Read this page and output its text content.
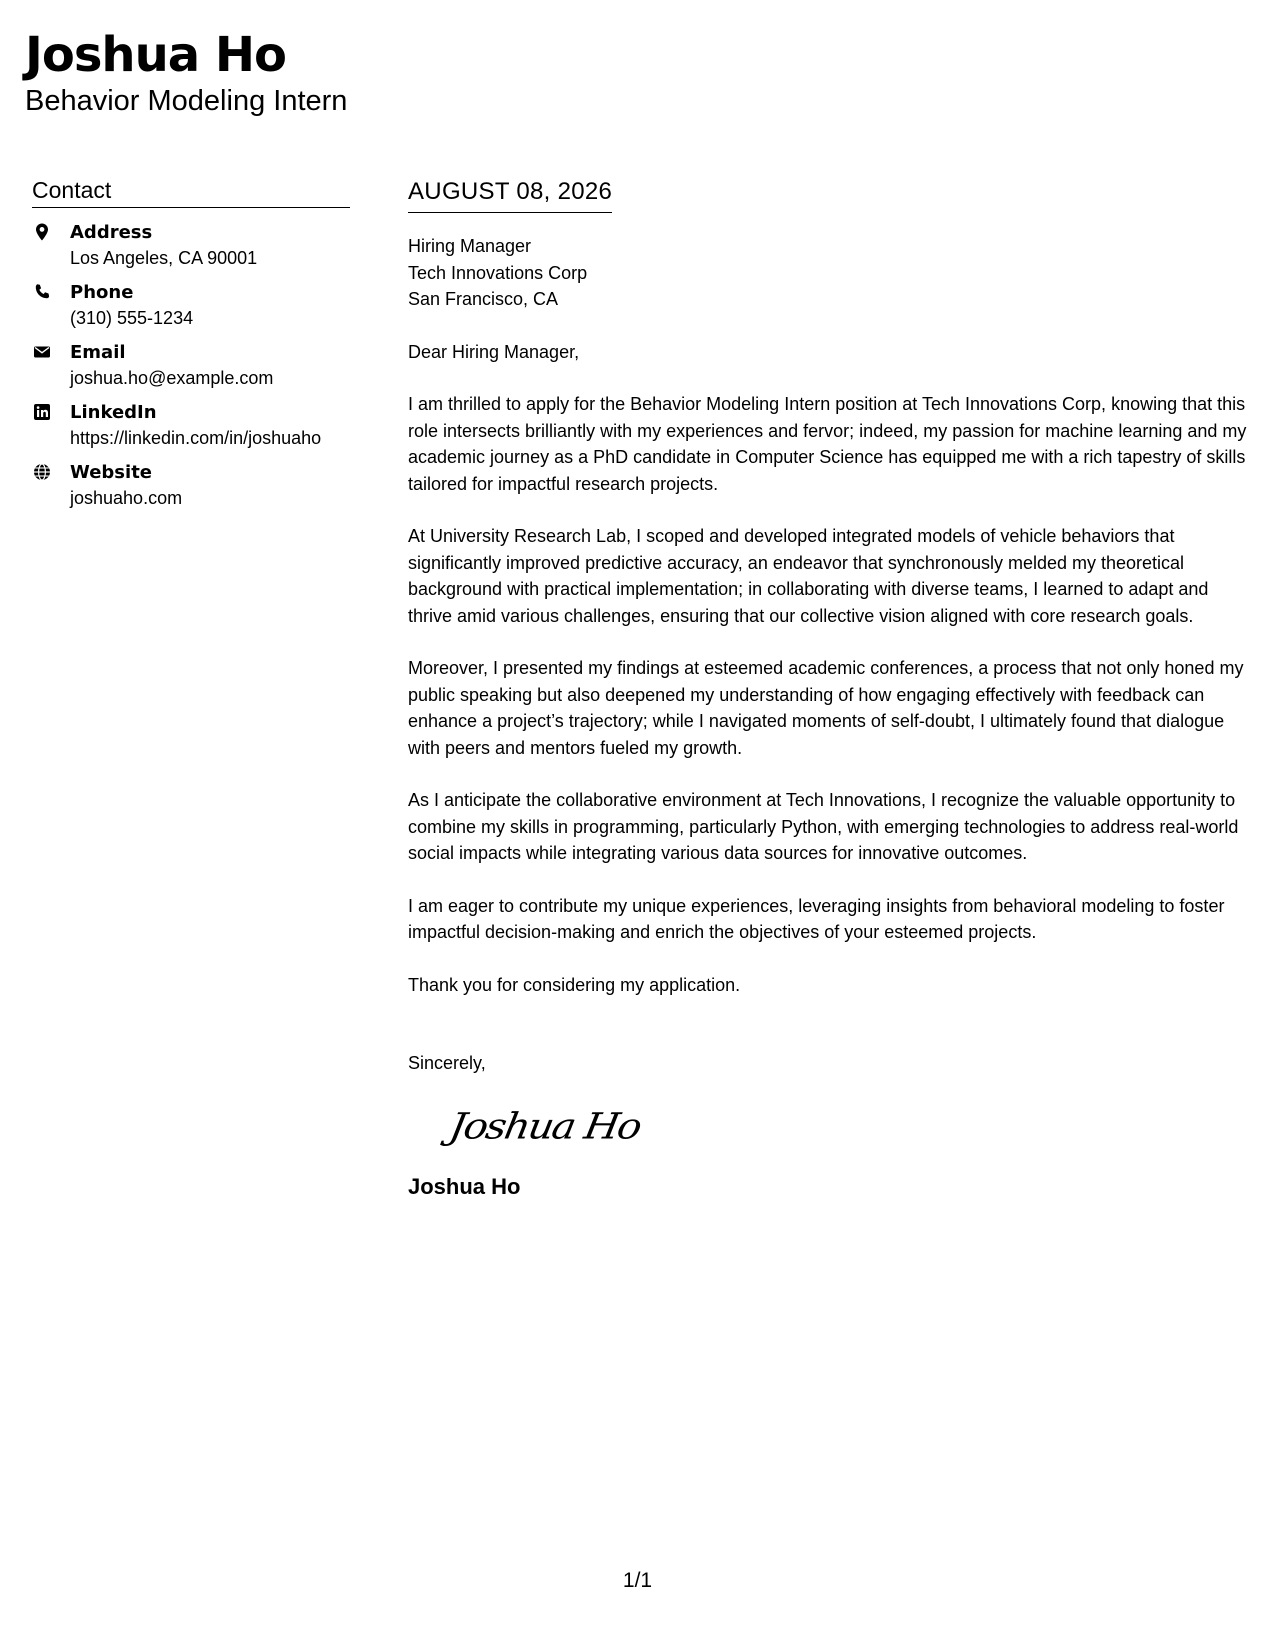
Joshua Ho
Behavior Modeling Intern
Contact
Address
Los Angeles, CA 90001
Phone
(310) 555-1234
Email
joshua.ho@example.com
LinkedIn
https://linkedin.com/in/joshuaho
Website
joshuaho.com
AUGUST 08, 2026
Hiring Manager
Tech Innovations Corp
San Francisco, CA
Dear Hiring Manager,
I am thrilled to apply for the Behavior Modeling Intern position at Tech Innovations Corp, knowing that this role intersects brilliantly with my experiences and fervor; indeed, my passion for machine learning and my academic journey as a PhD candidate in Computer Science has equipped me with a rich tapestry of skills tailored for impactful research projects.
At University Research Lab, I scoped and developed integrated models of vehicle behaviors that significantly improved predictive accuracy, an endeavor that synchronously melded my theoretical background with practical implementation; in collaborating with diverse teams, I learned to adapt and thrive amid various challenges, ensuring that our collective vision aligned with core research goals.
Moreover, I presented my findings at esteemed academic conferences, a process that not only honed my public speaking but also deepened my understanding of how engaging effectively with feedback can enhance a project’s trajectory; while I navigated moments of self-doubt, I ultimately found that dialogue with peers and mentors fueled my growth.
As I anticipate the collaborative environment at Tech Innovations, I recognize the valuable opportunity to combine my skills in programming, particularly Python, with emerging technologies to address real-world social impacts while integrating various data sources for innovative outcomes.
I am eager to contribute my unique experiences, leveraging insights from behavioral modeling to foster impactful decision-making and enrich the objectives of your esteemed projects.
Thank you for considering my application.
Sincerely,
Joshua Ho
Joshua Ho
1/1
